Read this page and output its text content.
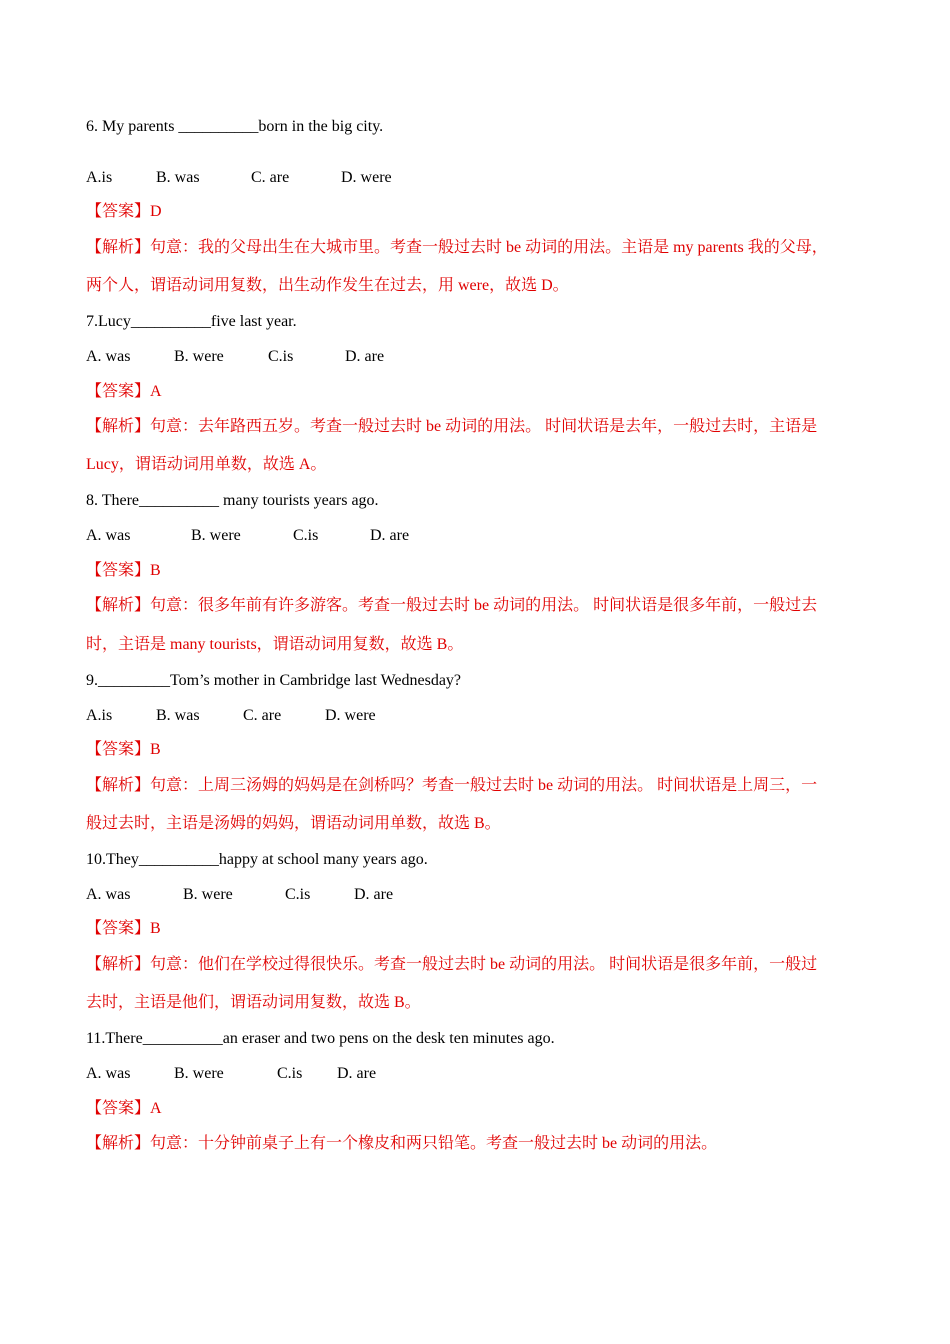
6. My parents __________born in the big city.
A.is	B. was	C. are	D. were
【答案】D
【解析】句意：我的父母出生在大城市里。考查一般过去时 be 动词的用法。主语是 my parents 我的父母，
两个人，谓语动词用复数，出生动作发生在过去，用 were，故选 D。
7.Lucy__________five last year.
A. was	B. were	C.is	D. are
【答案】A
【解析】句意：去年路西五岁。考查一般过去时 be 动词的用法。 时间状语是去年，一般过去时，主语是
Lucy，谓语动词用单数，故选 A。
8. There__________ many tourists years ago.
A. was	B. were	C.is	D. are
【答案】B
【解析】句意：很多年前有许多游客。考查一般过去时 be 动词的用法。 时间状语是很多年前，一般过去
时，主语是 many tourists，谓语动词用复数，故选 B。
9._________Tom’s mother in Cambridge last Wednesday?
A.is	B. was	C. are	D. were
【答案】B
【解析】句意：上周三汤姆的妈妈是在剑桥吗？考查一般过去时 be 动词的用法。 时间状语是上周三，一
般过去时，主语是汤姆的妈妈，谓语动词用单数，故选 B。
10.They__________happy at school many years ago.
A. was	B. were	C.is	D. are
【答案】B
【解析】句意：他们在学校过得很快乐。考查一般过去时 be 动词的用法。 时间状语是很多年前，一般过
去时，主语是他们，谓语动词用复数，故选 B。
11.There__________an eraser and two pens on the desk ten minutes ago.
A. was	B. were	C.is D. are
【答案】A
【解析】句意：十分钟前桌子上有一个橡皮和两只铅笔。考查一般过去时 be 动词的用法。
